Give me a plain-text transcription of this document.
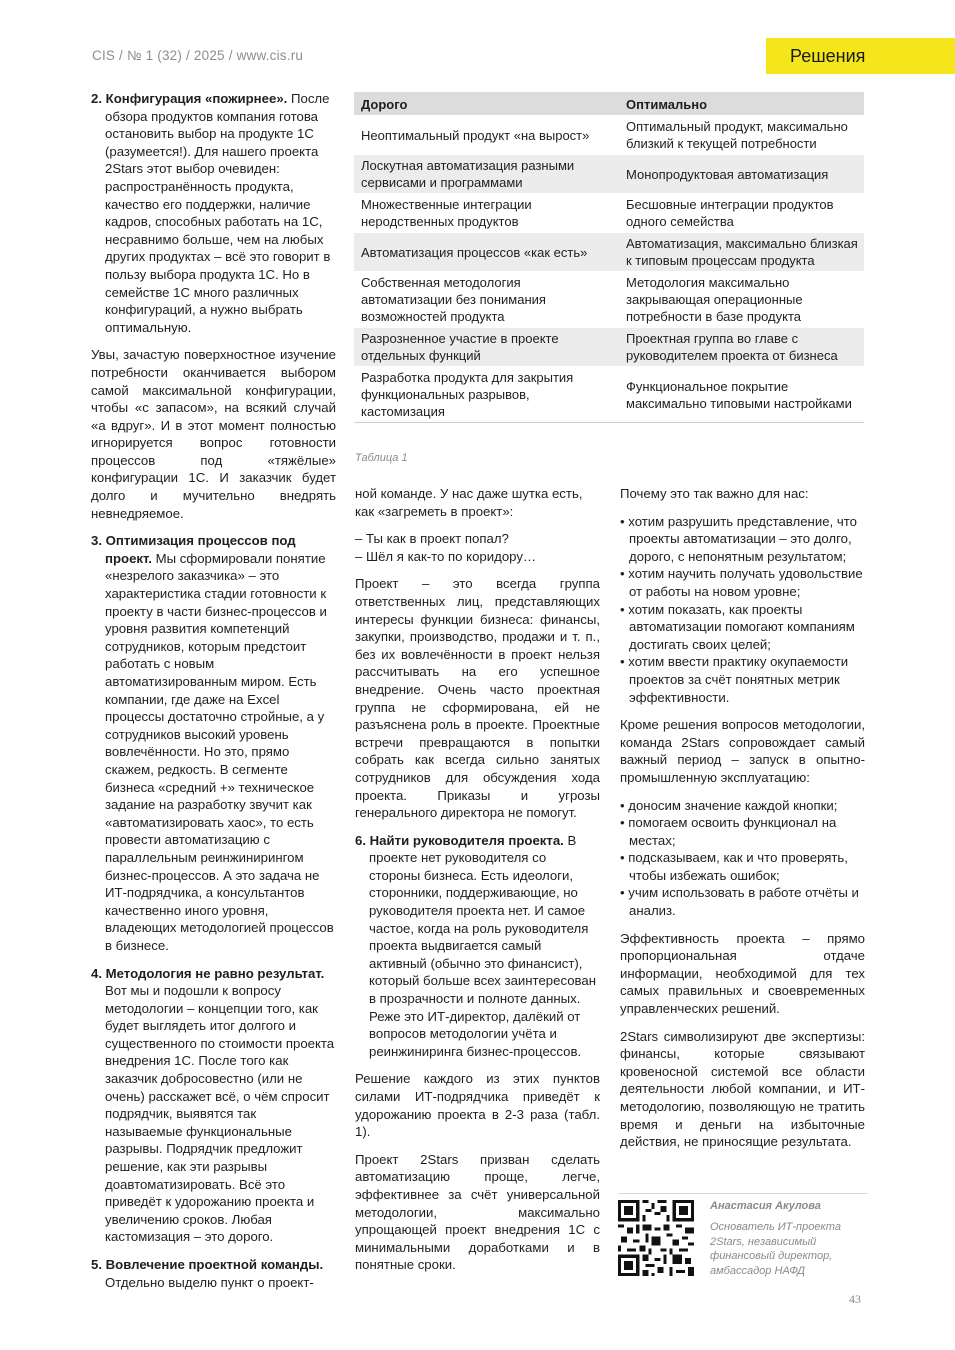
CIS / № 1 (32) / 2025 / www.cis.ru	Решения
2. Конфигурация «пожирнее». После обзора продуктов компания готова остановить выбор на продукте 1С (разумеется!). Для нашего проекта 2Stars этот выбор очевиден: распространённость продукта, качество его поддержки, наличие кадров, способных работать на 1С, несравнимо больше, чем на любых других продуктах – всё это говорит в пользу выбора продукта 1С. Но в семействе 1С много различных конфигураций, а нужно выбрать оптимальную.

Увы, зачастую поверхностное изучение потребности оканчивается выбором самой максимальной конфигурации, чтобы «с запасом», на всякий случай «а вдруг». И в этот момент полностью игнорируется вопрос готовности процессов под «тяжёлые» конфигурации 1С. И заказчик будет долго и мучительно внедрять невнедряемое.

3. Оптимизация процессов под проект. Мы сформировали понятие «незрелого заказчика» – это характеристика стадии готовности к проекту в части бизнес-процессов и уровня развития компетенций сотрудников, которым предстоит работать с новым автоматизированным миром. Есть компании, где даже на Excel процессы достаточно стройные, а у сотрудников высокий уровень вовлечённости. Но это, прямо скажем, редкость. В сегменте бизнеса «средний +» техническое задание на разработку звучит как «автоматизировать хаос», то есть провести автоматизацию с параллельным реинжинирингом бизнес-процессов. А это задача не ИТ-подрядчика, а консультантов качественно иного уровня, владеющих методологией процессов в бизнесе.
4. Методология не равно результат. Вот мы и подошли к вопросу методологии – концепции того, как будет выглядеть итог долгого и существенного по стоимости проекта внедрения 1С. После того как заказчик добросовестно (или не очень) расскажет всё, о чём спросит подрядчик, выявятся так называемые функциональные разрывы. Подрядчик предложит решение, как эти разрывы доавтоматизировать. Всё это приведёт к удорожанию проекта и увеличению сроков. Любая кастомизация – это дорого.
5. Вовлечение проектной команды. Отдельно выделю пункт о проект-
Дорого	Оптимально
Неоптимальный продукт «на вырост»	Оптимальный продукт, максимально близкий к текущей потребности
Лоскутная автоматизация разными сервисами и программами	Монопродуктовая автоматизация
Множественные интеграции неродственных продуктов	Бесшовные интеграции продуктов одного семейства
Автоматизация процессов «как есть»	Автоматизация, максимально близкая к типовым процессам продукта
Собственная методология автоматизации без понимания возможностей продукта	Методология максимально закрывающая операционные потребности в базе продукта
Разрозненное участие в проекте отдельных функций	Проектная группа во главе с руководителем проекта от бизнеса
Разработка продукта для закрытия функциональных разрывов, кастомизация	Функциональное покрытие максимально типовыми настройками
Таблица 1

ной команде. У нас даже шутка есть, как «загреметь в проект»:

– Ты как в проект попал?
– Шёл я как-то по коридору…

Проект – это всегда группа ответственных лиц, представляющих интересы функции бизнеса: финансы, закупки, производство, продажи и т. п., без их вовлечённости в проект нельзя рассчитывать на его успешное внедрение. Очень часто проектная группа не сформирована, ей не разъяснена роль в проекте. Проектные встречи превращаются в попытки собрать как всегда сильно занятых сотрудников для обсуждения хода проекта. Приказы и угрозы генерального директора не помогут.

6. Найти руководителя проекта. В проекте нет руководителя со стороны бизнеса. Есть идеологи, сторонники, поддерживающие, но руководителя проекта нет. И самое частое, когда на роль руководителя проекта выдвигается самый активный (обычно это финансист), который больше всех заинтересован в прозрачности и полноте данных. Реже это ИТ-директор, далёкий от вопросов методологии учёта и реинжиниринга бизнес-процессов.

Решение каждого из этих пунктов силами ИТ-подрядчика приведёт к удорожанию проекта в 2-3 раза (табл. 1).

Проект 2Stars призван сделать автоматизацию проще, легче, эффективнее за счёт универсальной методологии, максимально упрощающей проект внедрения 1С с минимальными доработками и в понятные сроки.

Почему это так важно для нас:

• хотим разрушить представление, что проекты автоматизации – это долго, дорого, с непонятным результатом;
• хотим научить получать удовольствие от работы на новом уровне;
• хотим показать, как проекты автоматизации помогают компаниям достигать своих целей;
• хотим ввести практику окупаемости проектов за счёт понятных метрик эффективности.

Кроме решения вопросов методологии, команда 2Stars сопровождает самый важный период – запуск в опытно-промышленную эксплуатацию:

• доносим значение каждой кнопки;
• помогаем освоить функционал на местах;
• подсказываем, как и что проверять, чтобы избежать ошибок;
• учим использовать в работе отчёты и анализ.

Эффективность проекта – прямо пропорциональная отдаче информации, необходимой для тех самых правильных и своевременных управленческих решений.

2Stars символизируют две экспертизы: финансы, которые связывают кровеносной системой все области деятельности любой компании, и ИТ-методологию, позволяющую не тратить время и деньги на избыточные действия, не приносящие результата.

Анастасия Акулова
Основатель ИТ-проекта 2Stars, независимый финансовый директор, амбассадор НАФД
43
